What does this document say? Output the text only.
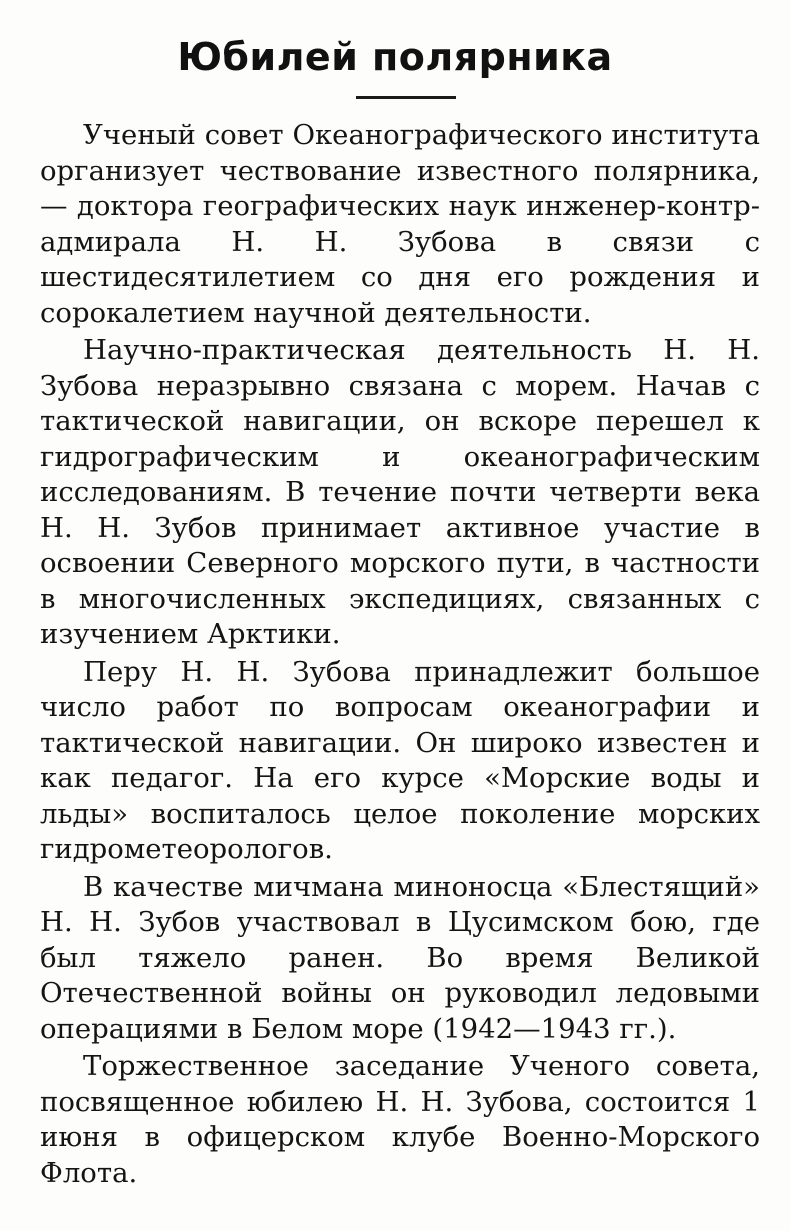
Юбилей полярника

Ученый совет Океанографического института организует чествование известного полярника,— доктора географических наук инженер-контр-адмирала Н. Н. Зубова в связи с шестидесятилетием со дня его рождения и сорокалетием научной деятельности.

Научно-практическая деятельность Н. Н. Зубова неразрывно связана с морем. Начав с тактической навигации, он вскоре перешел к гидрографическим и океанографическим исследованиям. В течение почти четверти века Н. Н. Зубов принимает активное участие в освоении Северного морского пути, в частности в многочисленных экспедициях, связанных с изучением Арктики.

Перу Н. Н. Зубова принадлежит большое число работ по вопросам океанографии и тактической навигации. Он широко известен и как педагог. На его курсе «Морские воды и льды» воспиталось целое поколение морских гидрометеорологов.

В качестве мичмана миноносца «Блестящий» Н. Н. Зубов участвовал в Цусимском бою, где был тяжело ранен. Во время Великой Отечественной войны он руководил ледовыми операциями в Белом море (1942—1943 гг.).

Торжественное заседание Ученого совета, посвященное юбилею Н. Н. Зубова, состоится 1 июня в офицерском клубе Военно-Морского Флота.
